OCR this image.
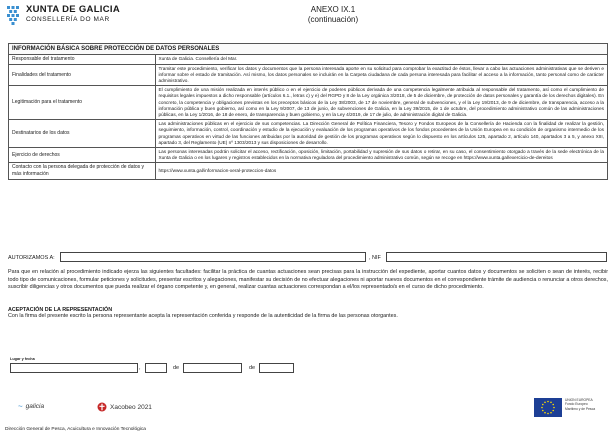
XUNTA DE GALICIA
CONSELLERÍA DO MAR
ANEXO IX.1
(continuación)
INFORMACIÓN BÁSICA SOBRE PROTECCIÓN DE DATOS PERSONALES
Responsable del tratamento	Xunta de Galicia. Consellería del Mar.
Finalidades del tratamento	Tramitar este procedimiento, verificar los datos y documentos que la persona interesada aporte en su solicitud para comprobar la exactitud de éstos, llevar a cabo las actuaciones administrativas que se deriven e informar sobre el estado de tramitación. Así mismo, los datos personales se incluirán en la Carpeta ciudadana de cada persona interesada para facilitar el acceso a la información, tanto personal como de carácter administrativo.
Legitimación para el tratamento	El cumplimiento de una misión realizada en interés público o en el ejercicio de poderes públicos derivada de una competencia legalmente atribuida al responsable del tratamento, así como el cumplimiento de requisitos legales impuestos a dicho responsable (artículos 6.1., letras c) y e) del RGPD y 8 de la Ley orgánica 3/2018, de 5 de diciembre, de protección de datos personales y garantía de los derechos digitales). En concreto, la competencia y obligaciones previstas en los preceptos básicos de la Ley 38/2003, de 17 de noviembre, general de subvenciones, y el la Ley 19/2013, de 9 de diciembre, de transparencia, acceso a la información pública y buen gobierno, así como en la Ley 9/2007, de 13 de junio, de subvenciones de Galicia, en la Ley 39/2015, de 1 de octubre, del procedimiento administrativo común de las administraciones públicas, en la Ley 1/2016, de 18 de enero, de transparencia y buen gobierno, y en la Ley 4/2019, de 17 de julio, de administración digital de Galicia.
Destinatarios de los datos	Las administraciones públicas en el ejercicio de sus competencias. La Dirección General de Política Financiera, Tesoro y Fondos Europeos de la Consellería de Hacienda con la finalidad de realizar la gestión, seguimiento, información, control, coordinación y estudio de la ejecución y evaluación de los programas operativos de los fondos procedentes de la Unión Europea en su condición de organismo intermedio de los programas operativos en virtud de las funciones atribuidas por la autoridad de gestión de los programas operativos según lo dispuesto en los artículos 125, apartado 2, artículo 140, apartados 3 a 5, y anexo XIII, apartado 3, del Reglamento (UE) nº 1303/2013 y sus disposiciones de desarrollo.
Ejercicio de derechos	Las personas interesadas podrán solicitar el acceso, rectificación, oposición, limitación, portabilidad y supresión de sus datos o retirar, en su caso, el consentimiento otorgado a través de la sede electrónica de la Xunta de Galicia o en los lugares y registros establecidos en la normativa reguladora del procedimiento administrativo común, según se recoge en https://www.xunta.gal/exercicio-de-dereitos
Contacto con la persona delegada de protección de datos y más información	https://www.xunta.gal/informacion-xeral-proteccion-datos
AUTORIZAMOS A:	, NIF
Para que en relación al procedimiento indicado ejerza las siguientes facultades: facilitar la práctica de cuantas actuaciones sean precisas para la instrucción del expediente, aportar cuantos datos y documentos se soliciten o sean de interés, recibir todo tipo de comunicaciones, formular peticiones y solicitudes, presentar escritos y alegaciones, manifestar su decisión de no efectuar alegaciones ni aportar nuevos documentos en el correspondiente trámite de audiencia o renunciar a otros derechos, suscribir diligencias y otros documentos que pueda realizar el órgano competente y, en general, realizar cuantas actuaciones correspondan a el/los representado/s en el curso de dicho procedimiento.
ACEPTACIÓN DE LA REPRESENTACIÓN
Con la firma del presente escrito la persona representante acepta la representación conferida y responde de la autenticidad de la firma de las personas otorgantes.
Lugar y fecha
,	de	de
~ galicia	Xacobeo 2021
UNION EUROPEA
Fondo Europeo
Marítimo y de Pesca
Dirección General de Pesca, Acuicultura e Innovación Tecnológica
